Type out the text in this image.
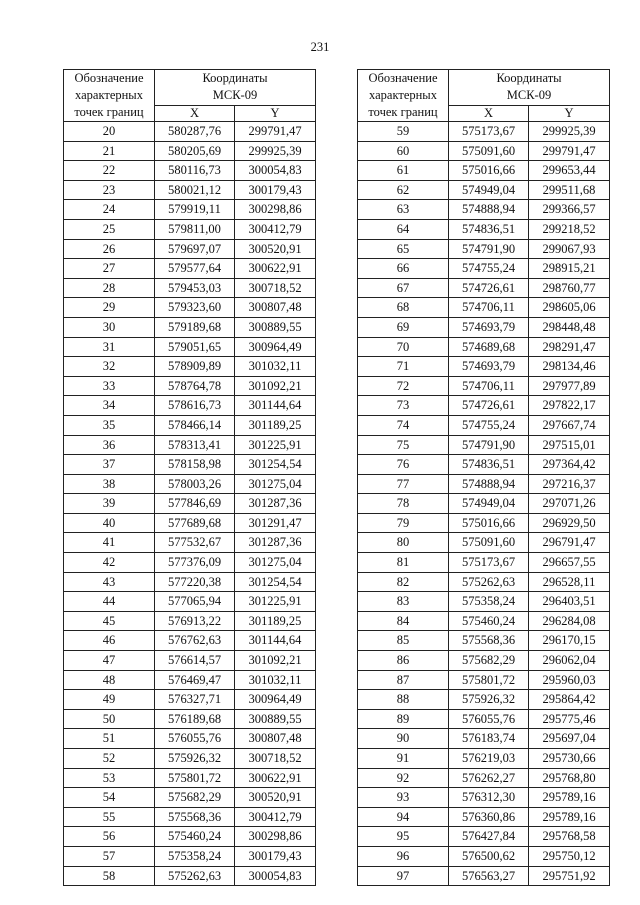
231
Обозначение
характерных
точек границ	Координаты
МСК-09	

	X	Y
20	580287,76	299791,47
21	580205,69	299925,39
22	580116,73	300054,83
23	580021,12	300179,43
24	579919,11	300298,86
25	579811,00	300412,79
26	579697,07	300520,91
27	579577,64	300622,91
28	579453,03	300718,52
29	579323,60	300807,48
30	579189,68	300889,55
31	579051,65	300964,49
32	578909,89	301032,11
33	578764,78	301092,21
34	578616,73	301144,64
35	578466,14	301189,25
36	578313,41	301225,91
37	578158,98	301254,54
38	578003,26	301275,04
39	577846,69	301287,36
40	577689,68	301291,47
41	577532,67	301287,36
42	577376,09	301275,04
43	577220,38	301254,54
44	577065,94	301225,91
45	576913,22	301189,25
46	576762,63	301144,64
47	576614,57	301092,21
48	576469,47	301032,11
49	576327,71	300964,49
50	576189,68	300889,55
51	576055,76	300807,48
52	575926,32	300718,52
53	575801,72	300622,91
54	575682,29	300520,91
55	575568,36	300412,79
56	575460,24	300298,86
57	575358,24	300179,43
58	575262,63	300054,83
Обозначение
характерных
точек границ	Координаты
МСК-09	

	X	Y
59	575173,67	299925,39
60	575091,60	299791,47
61	575016,66	299653,44
62	574949,04	299511,68
63	574888,94	299366,57
64	574836,51	299218,52
65	574791,90	299067,93
66	574755,24	298915,21
67	574726,61	298760,77
68	574706,11	298605,06
69	574693,79	298448,48
70	574689,68	298291,47
71	574693,79	298134,46
72	574706,11	297977,89
73	574726,61	297822,17
74	574755,24	297667,74
75	574791,90	297515,01
76	574836,51	297364,42
77	574888,94	297216,37
78	574949,04	297071,26
79	575016,66	296929,50
80	575091,60	296791,47
81	575173,67	296657,55
82	575262,63	296528,11
83	575358,24	296403,51
84	575460,24	296284,08
85	575568,36	296170,15
86	575682,29	296062,04
87	575801,72	295960,03
88	575926,32	295864,42
89	576055,76	295775,46
90	576183,74	295697,04
91	576219,03	295730,66
92	576262,27	295768,80
93	576312,30	295789,16
94	576360,86	295789,16
95	576427,84	295768,58
96	576500,62	295750,12
97	576563,27	295751,92
